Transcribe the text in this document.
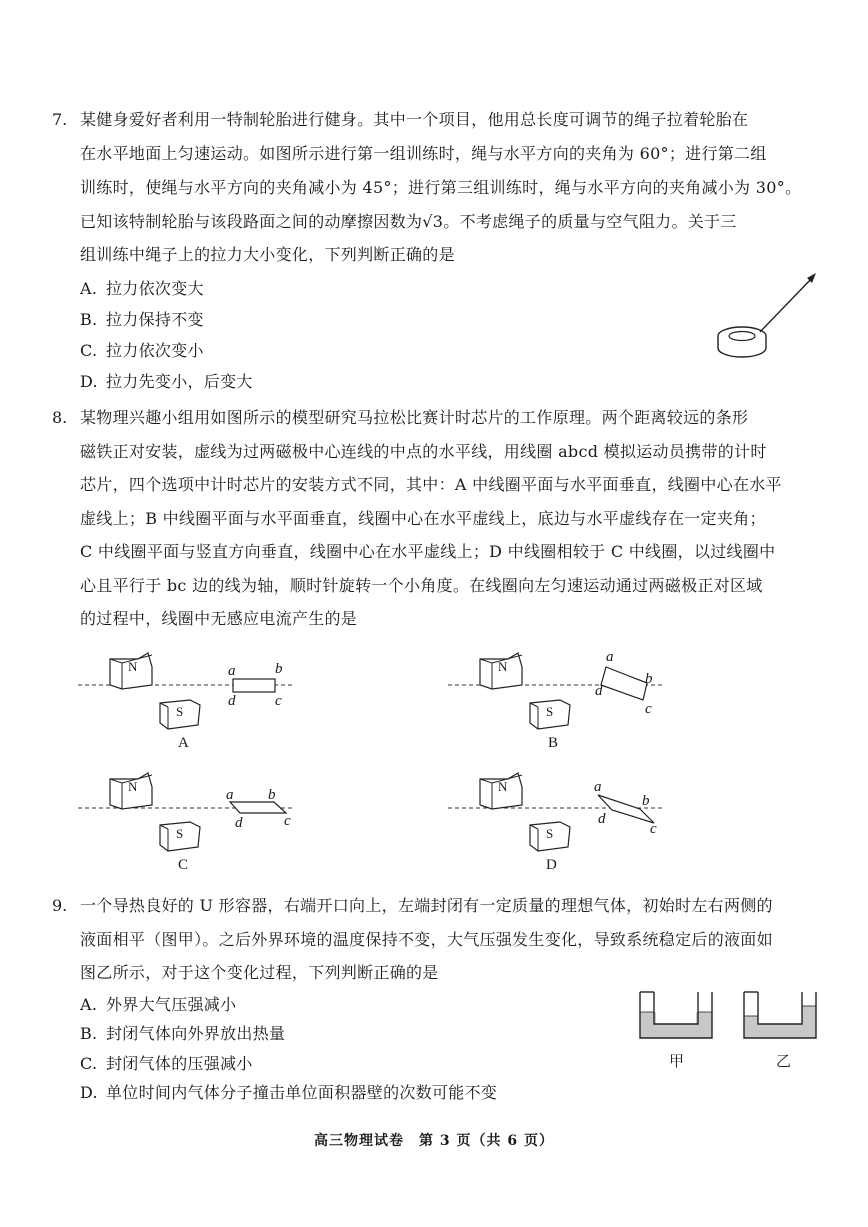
7. 某健身爱好者利用一特制轮胎进行健身。其中一个项目，他用总长度可调节的绳子拉着轮胎在
在水平地面上匀速运动。如图所示进行第一组训练时，绳与水平方向的夹角为 60°；进行第二组
训练时，使绳与水平方向的夹角减小为 45°；进行第三组训练时，绳与水平方向的夹角减小为 30°。
已知该特制轮胎与该段路面之间的动摩擦因数为√3。不考虑绳子的质量与空气阻力。关于三
组训练中绳子上的拉力大小变化，下列判断正确的是
A. 拉力依次变大
B. 拉力保持不变
C. 拉力依次变小
D. 拉力先变小，后变大
8. 某物理兴趣小组用如图所示的模型研究马拉松比赛计时芯片的工作原理。两个距离较远的条形
磁铁正对安装，虚线为过两磁极中心连线的中点的水平线，用线圈 abcd 模拟运动员携带的计时
芯片，四个选项中计时芯片的安装方式不同，其中：A 中线圈平面与水平面垂直，线圈中心在水平
虚线上；B 中线圈平面与水平面垂直，线圈中心在水平虚线上，底边与水平虚线存在一定夹角；
C 中线圈平面与竖直方向垂直，线圈中心在水平虚线上；D 中线圈相较于 C 中线圈，以过线圈中
心且平行于 bc 边的线为轴，顺时针旋转一个小角度。在线圈向左匀速运动通过两磁极正对区域
的过程中，线圈中无感应电流产生的是
N
S
a	b
d	c
A
N
S
a
b
d
c
B
N
S
a b
d	c
C
N
S
a
b
d
c
D
9. 一个导热良好的 U 形容器，右端开口向上，左端封闭有一定质量的理想气体，初始时左右两侧的
液面相平（图甲）。之后外界环境的温度保持不变，大气压强发生变化，导致系统稳定后的液面如
图乙所示，对于这个变化过程，下列判断正确的是
A. 外界大气压强减小
B. 封闭气体向外界放出热量
C. 封闭气体的压强减小
D. 单位时间内气体分子撞击单位面积器壁的次数可能不变
甲	乙
高三物理试卷　第 3 页（共 6 页）
